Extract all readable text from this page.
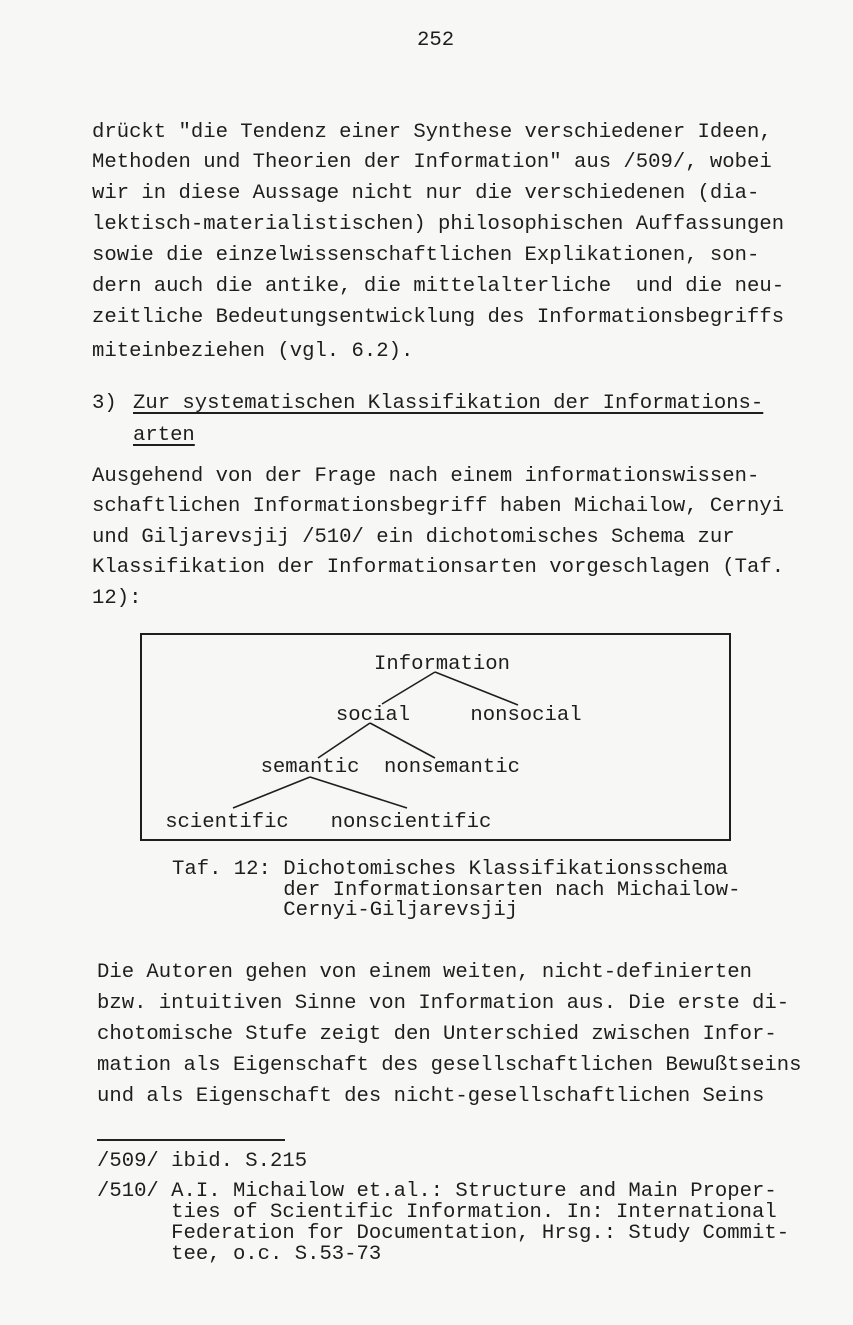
252
drückt "die Tendenz einer Synthese verschiedener Ideen,
Methoden und Theorien der Information" aus /509/, wobei
wir in diese Aussage nicht nur die verschiedenen (dia-
lektisch-materialistischen) philosophischen Auffassungen
sowie die einzelwissenschaftlichen Explikationen, son-
dern auch die antike, die mittelalterliche  und die neu-
zeitliche Bedeutungsentwicklung des Informationsbegriffs
miteinbeziehen (vgl. 6.2).
Ausgehend von der Frage nach einem informationswissen-
schaftlichen Informationsbegriff haben Michailow, Cernyi
und Giljarevsjij /510/ ein dichotomisches Schema zur
Klassifikation der Informationsarten vorgeschlagen (Taf.
12):
Taf. 12: Dichotomisches Klassifikationsschema
der Informationsarten nach Michailow-
Cernyi-Giljarevsjij
Die Autoren gehen von einem weiten, nicht-definierten
bzw. intuitiven Sinne von Information aus. Die erste di-
chotomische Stufe zeigt den Unterschied zwischen Infor-
mation als Eigenschaft des gesellschaftlichen Bewußtseins
und als Eigenschaft des nicht-gesellschaftlichen Seins
/509/ ibid. S.215
/510/ A.I. Michailow et.al.: Structure and Main Proper-
ties of Scientific Information. In: International
Federation for Documentation, Hrsg.: Study Commit-
tee, o.c. S.53-73
3) Zur systematischen Klassifikation der Informations-
arten
Information
social	nonsocial
semantic nonsemantic
scientific nonscientific
